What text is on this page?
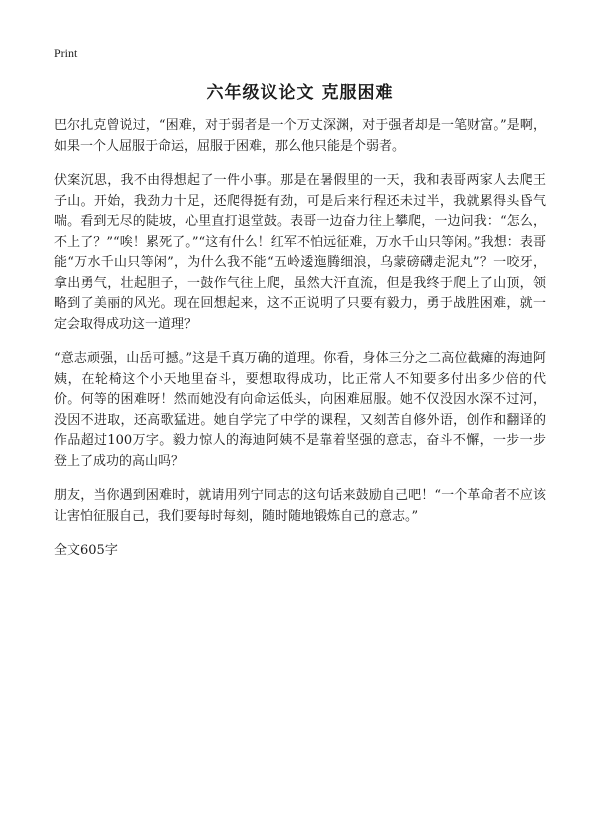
Print
六年级议论文 克服困难

巴尔扎克曾说过，“困难，对于弱者是一个万丈深渊，对于强者却是一笔财富。”是啊，如果一个人屈服于命运，屈服于困难，那么他只能是个弱者。

伏案沉思，我不由得想起了一件小事。那是在暑假里的一天，我和表哥两家人去爬王子山。开始，我劲力十足，还爬得挺有劲，可是后来行程还未过半，我就累得头昏气喘。看到无尽的陡坡，心里直打退堂鼓。表哥一边奋力往上攀爬，一边问我：“怎么，不上了？”“唉！累死了。”“这有什么！红军不怕远征难，万水千山只等闲。”我想：表哥能“万水千山只等闲”，为什么我不能“五岭逶迤腾细浪，乌蒙磅礴走泥丸”？一咬牙，拿出勇气，壮起胆子，一鼓作气往上爬，虽然大汗直流，但是我终于爬上了山顶，领略到了美丽的风光。现在回想起来，这不正说明了只要有毅力，勇于战胜困难，就一定会取得成功这一道理？

“意志顽强，山岳可撼。”这是千真万确的道理。你看，身体三分之二高位截瘫的海迪阿姨，在轮椅这个小天地里奋斗，要想取得成功，比正常人不知要多付出多少倍的代价。何等的困难呀！然而她没有向命运低头，向困难屈服。她不仅没因水深不过河，没因不进取，还高歌猛进。她自学完了中学的课程，又刻苦自修外语，创作和翻译的作品超过100万字。毅力惊人的海迪阿姨不是靠着坚强的意志，奋斗不懈，一步一步登上了成功的高山吗？

朋友，当你遇到困难时，就请用列宁同志的这句话来鼓励自己吧！“一个革命者不应该让害怕征服自己，我们要每时每刻，随时随地锻炼自己的意志。”

全文605字
